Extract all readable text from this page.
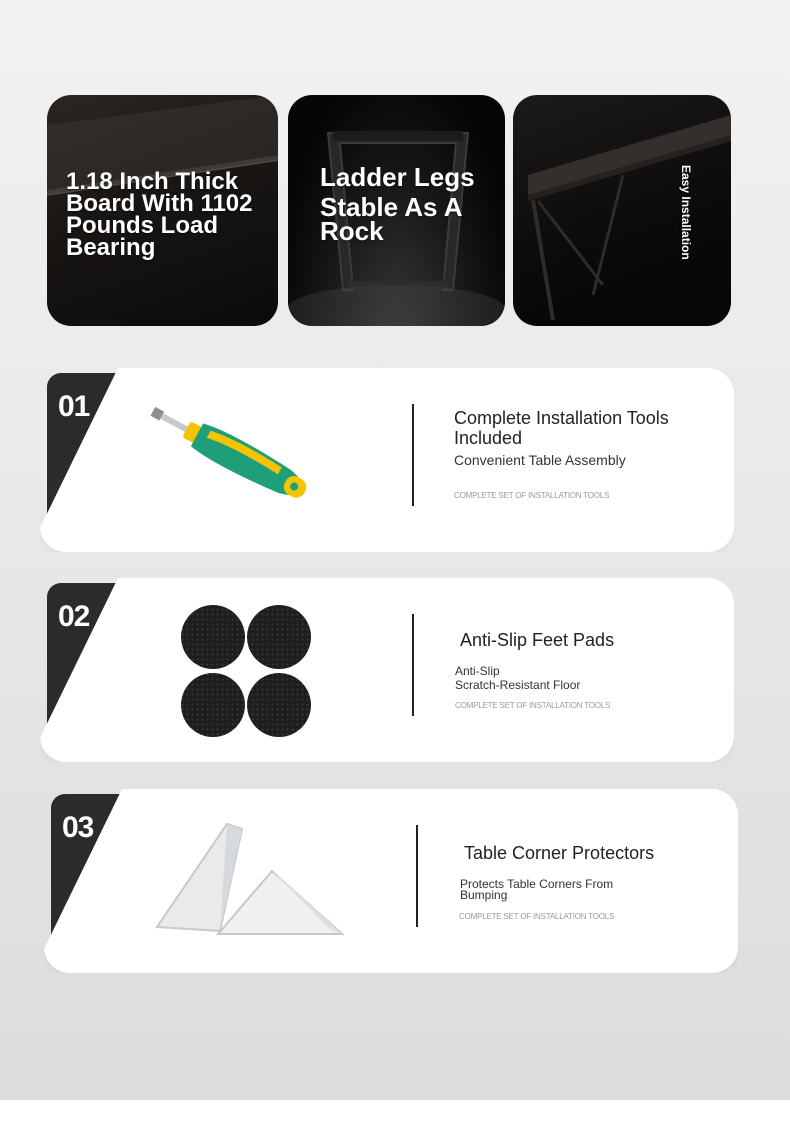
1.18 Inch Thick Board With 1102 Pounds Load Bearing
Ladder Legs
Stable As A Rock	Easy Installation
01	Complete Installation Tools Included
Convenient Table Assembly
COMPLETE SET OF INSTALLATION TOOLS
02
Anti-Slip Feet Pads
Anti-Slip
Scratch-Resistant Floor
COMPLETE SET OF INSTALLATION TOOLS
03
Table Corner Protectors
Protects Table Corners From Bumping
COMPLETE SET OF INSTALLATION TOOLS
